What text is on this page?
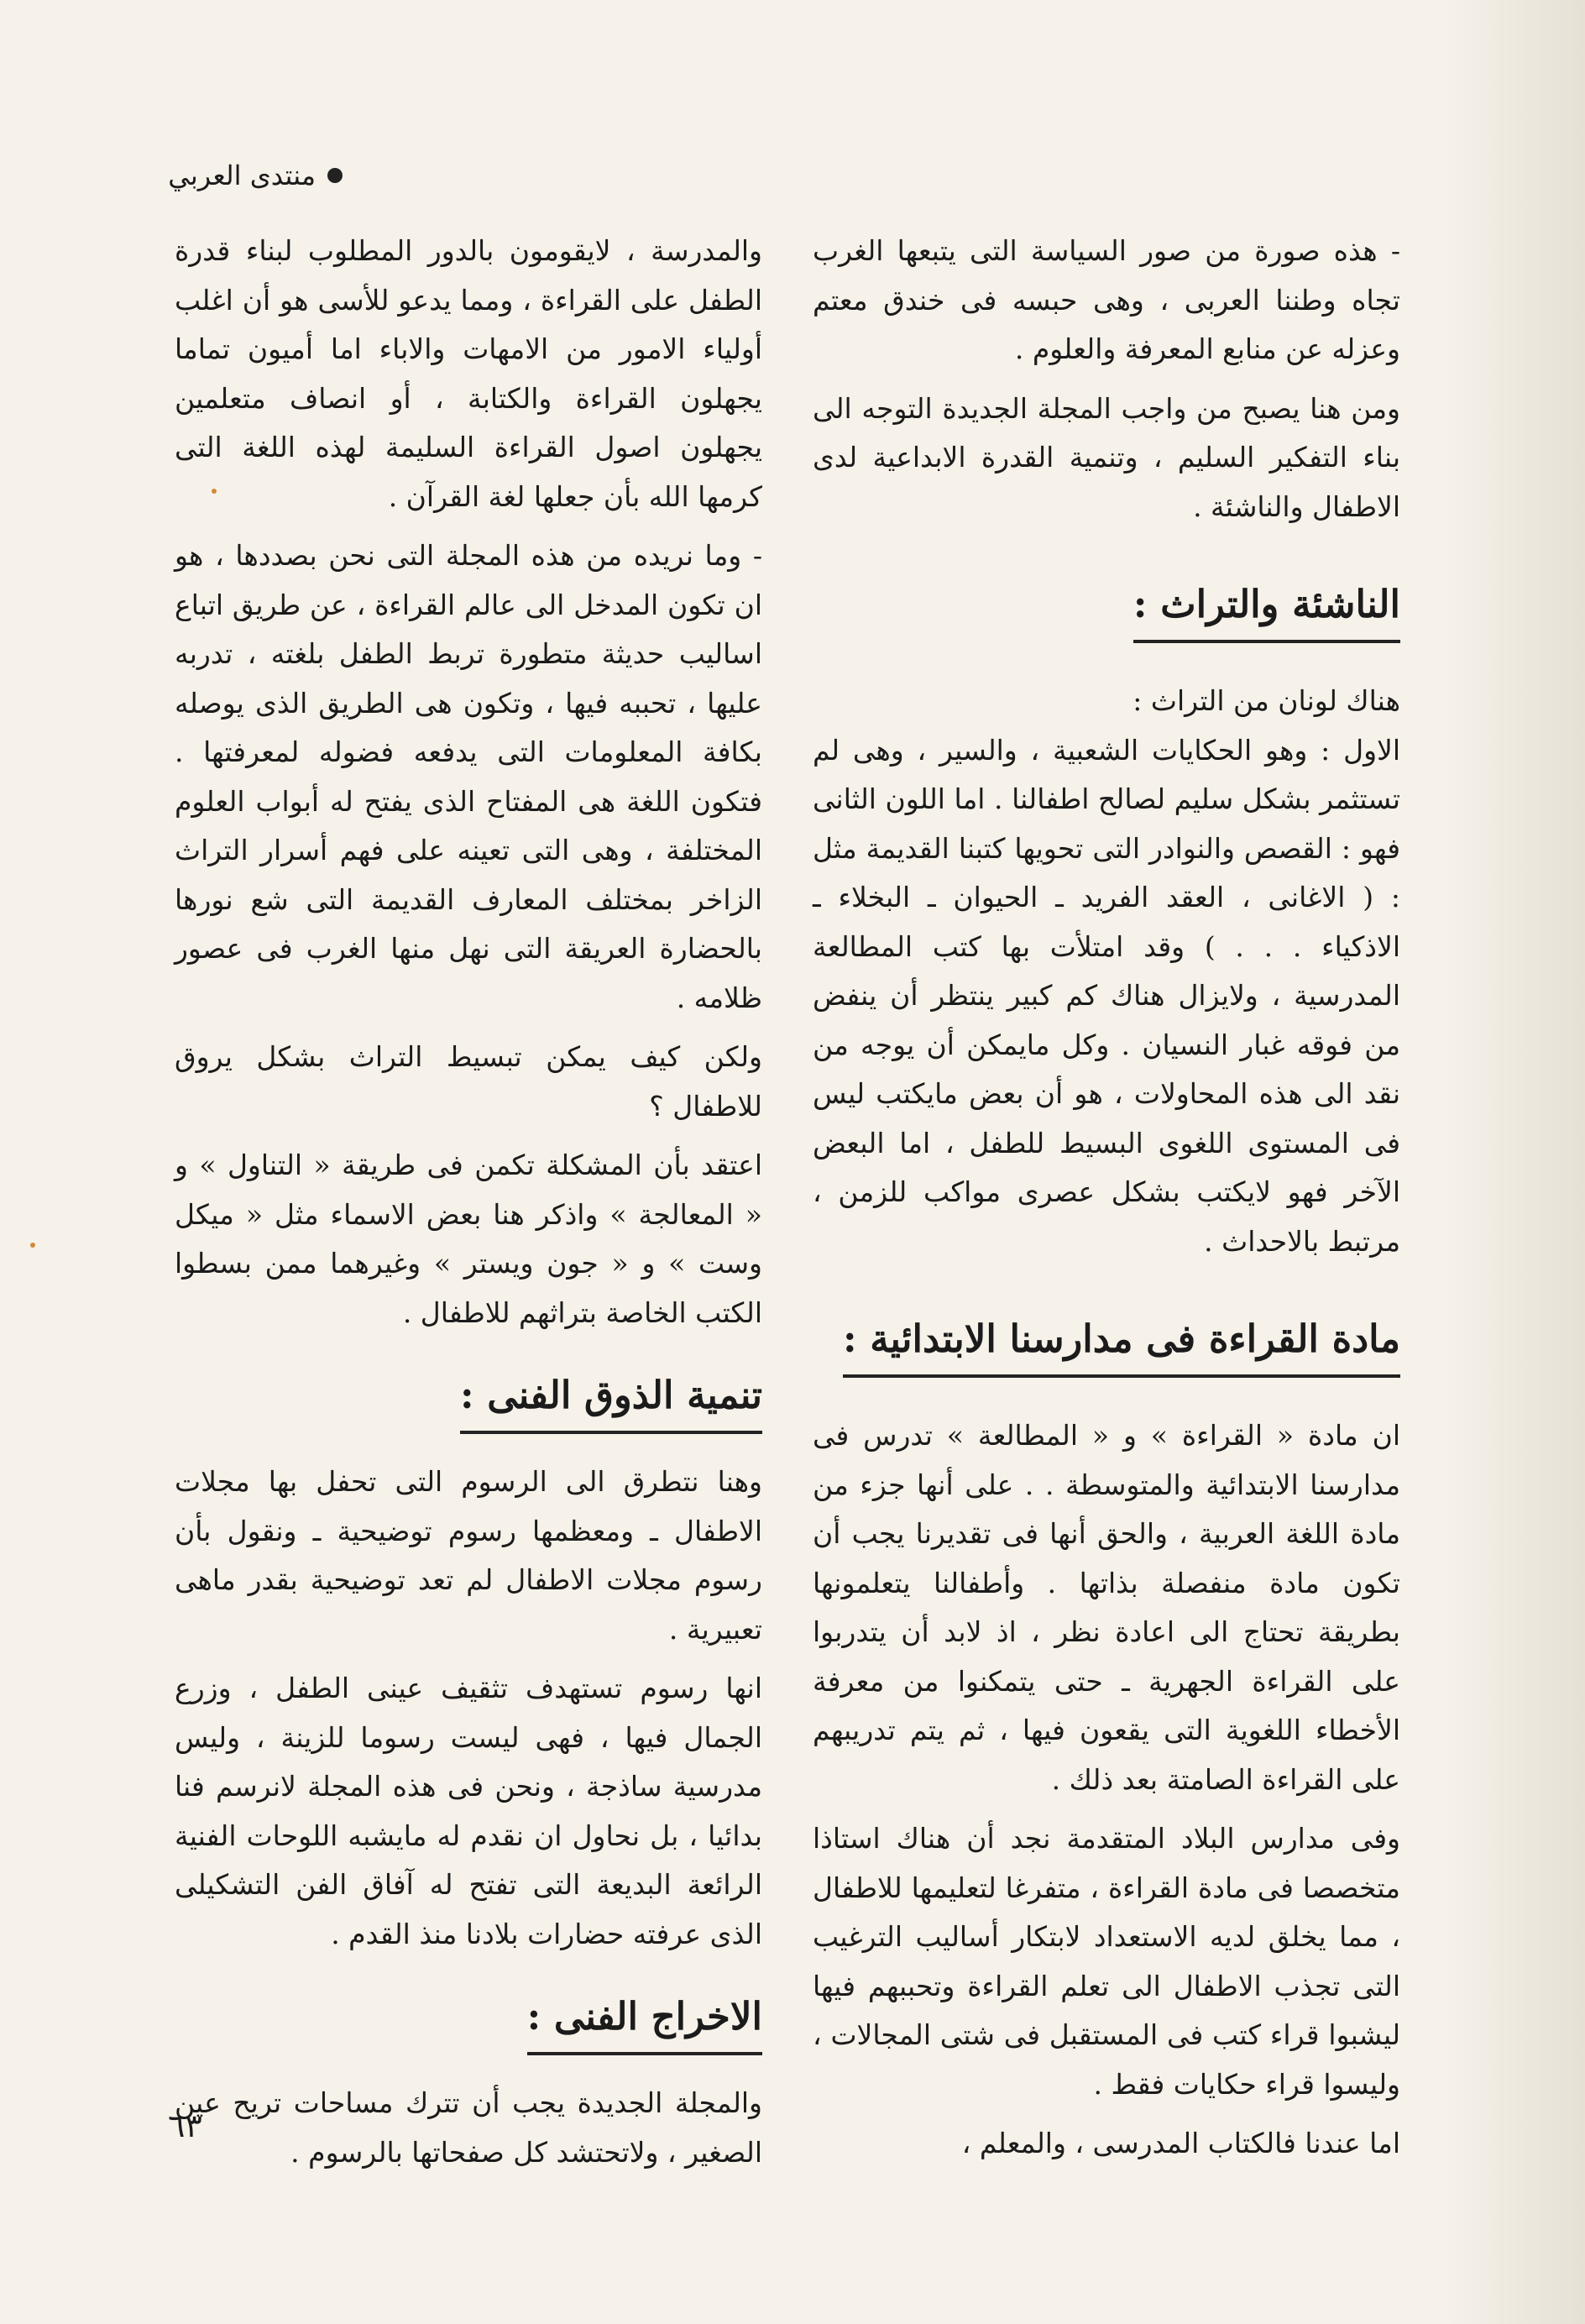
منتدى العربي

- هذه صورة من صور السياسة التى يتبعها الغرب تجاه وطننا العربى ، وهى حبسه فى خندق معتم وعزله عن منابع المعرفة والعلوم .

ومن هنا يصبح من واجب المجلة الجديدة التوجه الى بناء التفكير السليم ، وتنمية القدرة الابداعية لدى الاطفال والناشئة .

الناشئة والتراث :

هناك لونان من التراث :

الاول : وهو الحكايات الشعبية ، والسير ، وهى لم تستثمر بشكل سليم لصالح اطفالنا . اما اللون الثانى فهو : القصص والنوادر التى تحويها كتبنا القديمة مثل : ( الاغانى ، العقد الفريد ـ الحيوان ـ البخلاء ـ الاذكياء . . . ) وقد امتلأت بها كتب المطالعة المدرسية ، ولايزال هناك كم كبير ينتظر أن ينفض من فوقه غبار النسيان . وكل مايمكن أن يوجه من نقد الى هذه المحاولات ، هو أن بعض مايكتب ليس فى المستوى اللغوى البسيط للطفل ، اما البعض الآخر فهو لايكتب بشكل عصرى مواكب للزمن ، مرتبط بالاحداث .

مادة القراءة فى مدارسنا الابتدائية :

ان مادة « القراءة » و « المطالعة » تدرس فى مدارسنا الابتدائية والمتوسطة . . على أنها جزء من مادة اللغة العربية ، والحق أنها فى تقديرنا يجب أن تكون مادة منفصلة بذاتها . وأطفالنا يتعلمونها بطريقة تحتاج الى اعادة نظر ، اذ لابد أن يتدربوا على القراءة الجهرية ـ حتى يتمكنوا من معرفة الأخطاء اللغوية التى يقعون فيها ، ثم يتم تدريبهم على القراءة الصامتة بعد ذلك .

وفى مدارس البلاد المتقدمة نجد أن هناك استاذا متخصصا فى مادة القراءة ، متفرغا لتعليمها للاطفال ، مما يخلق لديه الاستعداد لابتكار أساليب الترغيب التى تجذب الاطفال الى تعلم القراءة وتحببهم فيها ليشبوا قراء كتب فى المستقبل فى شتى المجالات ، وليسوا قراء حكايات فقط .

اما عندنا فالكتاب المدرسى ، والمعلم ،

والمدرسة ، لايقومون بالدور المطلوب لبناء قدرة الطفل على القراءة ، ومما يدعو للأسى هو أن اغلب أولياء الامور من الامهات والاباء اما أميون تماما يجهلون القراءة والكتابة ، أو انصاف متعلمين يجهلون اصول القراءة السليمة لهذه اللغة التى كرمها الله بأن جعلها لغة القرآن .

- وما نريده من هذه المجلة التى نحن بصددها ، هو ان تكون المدخل الى عالم القراءة ، عن طريق اتباع اساليب حديثة متطورة تربط الطفل بلغته ، تدربه عليها ، تحببه فيها ، وتكون هى الطريق الذى يوصله بكافة المعلومات التى يدفعه فضوله لمعرفتها . فتكون اللغة هى المفتاح الذى يفتح له أبواب العلوم المختلفة ، وهى التى تعينه على فهم أسرار التراث الزاخر بمختلف المعارف القديمة التى شع نورها بالحضارة العريقة التى نهل منها الغرب فى عصور ظلامه .

ولكن كيف يمكن تبسيط التراث بشكل يروق للاطفال ؟

اعتقد بأن المشكلة تكمن فى طريقة « التناول » و « المعالجة » واذكر هنا بعض الاسماء مثل « ميكل وست » و « جون ويستر » وغيرهما ممن بسطوا الكتب الخاصة بتراثهم للاطفال .

تنمية الذوق الفنى :

وهنا نتطرق الى الرسوم التى تحفل بها مجلات الاطفال ـ ومعظمها رسوم توضيحية ـ ونقول بأن رسوم مجلات الاطفال لم تعد توضيحية بقدر ماهى تعبيرية .

انها رسوم تستهدف تثقيف عينى الطفل ، وزرع الجمال فيها ، فهى ليست رسوما للزينة ، وليس مدرسية ساذجة ، ونحن فى هذه المجلة لانرسم فنا بدائيا ، بل نحاول ان نقدم له مايشبه اللوحات الفنية الرائعة البديعة التى تفتح له آفاق الفن التشكيلى الذى عرفته حضارات بلادنا منذ القدم .

الاخراج الفنى :

والمجلة الجديدة يجب أن تترك مساحات تريح عين الصغير ، ولاتحتشد كل صفحاتها بالرسوم .

٦٣
